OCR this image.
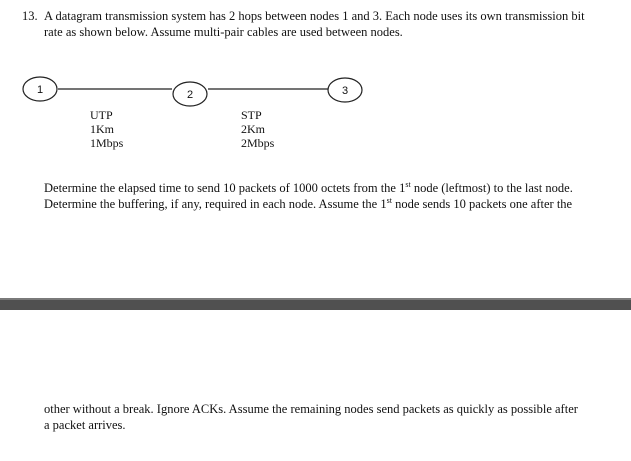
13. A datagram transmission system has 2 hops between nodes 1 and 3. Each node uses its own transmission bit
rate as shown below. Assume multi-pair cables are used between nodes.
1	2	3
UTP
1Km
1Mbps
STP
2Km
2Mbps
Determine the elapsed time to send 10 packets of 1000 octets from the 1st node (leftmost) to the last node.
Determine the buffering, if any, required in each node. Assume the 1st node sends 10 packets one after the
other without a break. Ignore ACKs. Assume the remaining nodes send packets as quickly as possible after
a packet arrives.
